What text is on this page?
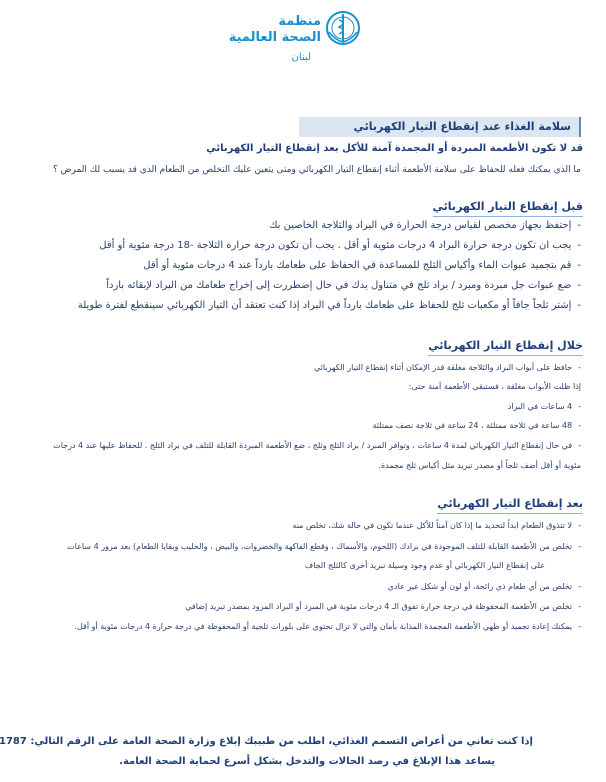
منظمة
الصحة العالمية
لبنان
سلامة الغذاء عند إنقطاع التيار الكهربائي
قد لا تكون الأطعمة المبردة أو المجمدة آمنة للأكل بعد إنقطاع التيار الكهربائي
ما الذي يمكنك فعله للحفاظ على سلامة الأطعمة أثناء إنقطاع التيار الكهربائي ومتى يتعين عليك التخلص من الطعام الذي قد يسبب لك المرض ؟
قبل إنقطاع التيار الكهربائي
-إحتفظ بجهاز مخصص لقياس درجة الحرارة في البراد والثلاجة الخاصين بك
-يجب ان تكون درجة حرارة البراد 4 درجات مئوية أو أقل . يجب أن تكون درجة حرارة الثلاجة -18 درجة مئوية أو أقل
-قم بتجميد عبوات الماء وأكياس الثلج للمساعدة في الحفاظ على طعامك بارداً عند 4 درجات مئوية أو أقل
-ضع عبوات جل مبردة ومبرد / براد ثلج في متناول يدك في حال إضطررت إلى إخراج طعامك من البراد لإبقائه بارداً
-إشتر ثلجاً جافاً أو مكعبات ثلج للحفاظ على طعامك بارداً في البراد إذا كنت تعتقد أن التيار الكهربائي سينقطع لفترة طويلة
خلال إنقطاع التيار الكهربائي
-حافظ على أبواب البراد والثلاجة مغلقة قدر الإمكان أثناء إنقطاع التيار الكهربائي
إذا ظلت الأبواب مغلقة ، فستبقى الأطعمة آمنة حتى:
-4 ساعات في البراد
-48 ساعة في ثلاجة ممتلئة ، 24 ساعة في ثلاجة نصف ممتلئة
-في حال إنقطاع التيار الكهربائي لمدة 4 ساعات ، وتوافر المبرد / براد الثلج وثلج ، ضع الأطعمة المبردة القابلة للتلف في براد الثلج . للحفاظ عليها عند 4 درجات
مئوية أو أقل أضف ثلجاً أو مصدر تبريد مثل أكياس ثلج مجمدة.
بعد إنقطاع التيار الكهربائي
-لا تتذوق الطعام ابداً لتحديد ما إذا كان آمناً للأكل عندما تكون في حالة شك، تخلص منه
-تخلص من الأطعمة القابلة للتلف الموجودة في برادك (اللحوم، والأسماك ، وقطع الفاكهة والخضروات، والبيض ، والحليب وبقايا الطعام) بعد مرور 4 ساعات
على إنقطاع التيار الكهربائي أو عدم وجود وسيلة تبريد أخرى كالثلج الجاف
-تخلص من أي طعام ذي رائحة، أو لون أو شكل غير عادي
-تخلص من الأطعمة المحفوظة في درجة حرارة تفوق الـ 4 درجات مئوية في المبرد أو البراد المزود بمصدر تبريد إضافي
-يمكنك إعادة تجميد أو طهي الأطعمة المجمدة المذابة بأمان والتي لا تزال تحتوي على بلورات ثلجية أو المحفوظة في درجة حرارة 4 درجات مئوية أو أقل.
إذا كنت تعاني من أعراض التسمم الغذائي، اطلب من طبيبك إبلاغ وزارة الصحة العامة على الرقم التالي: 1787
يساعد هذا الإبلاغ في رصد الحالات والتدخل بشكل أسرع لحماية الصحة العامة.
